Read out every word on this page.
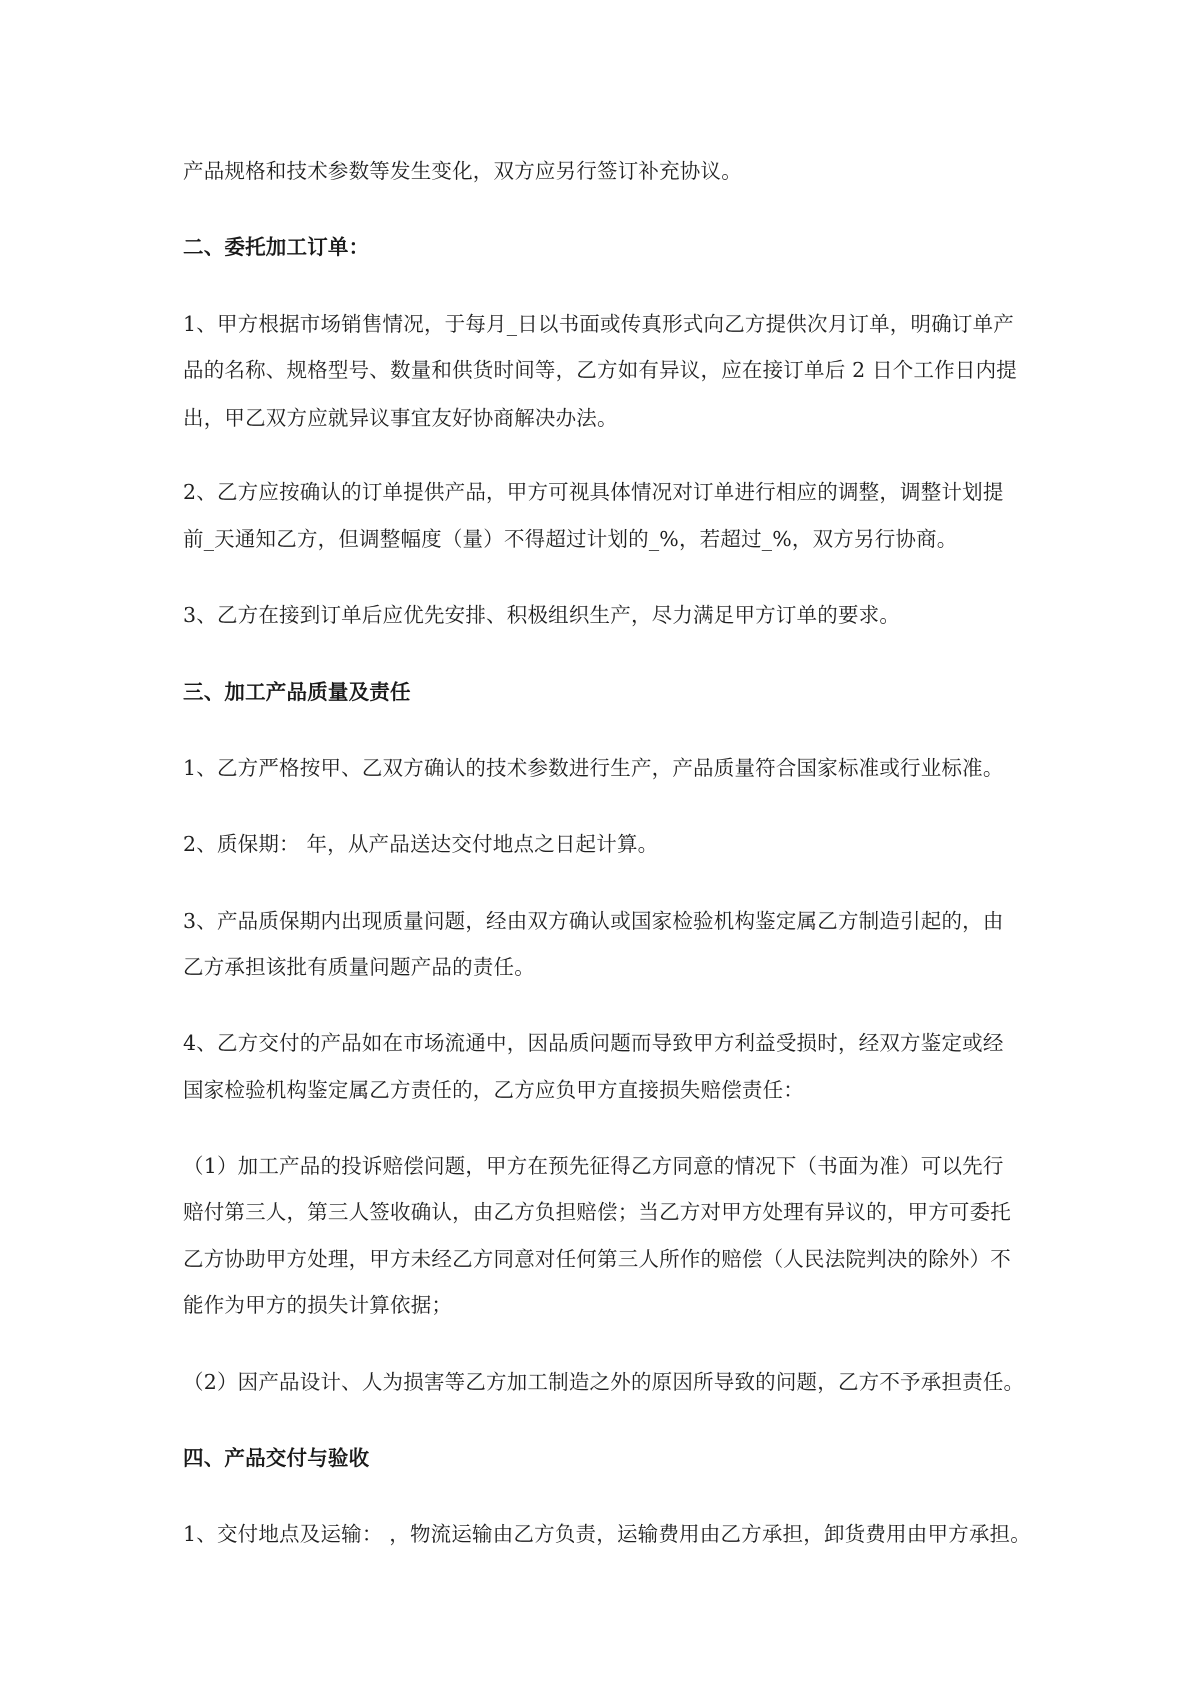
产品规格和技术参数等发生变化，双方应另行签订补充协议。
二、委托加工订单：
1、甲方根据市场销售情况，于每月_日以书面或传真形式向乙方提供次月订单，明确订单产
品的名称、规格型号、数量和供货时间等，乙方如有异议，应在接订单后 2 日个工作日内提
出，甲乙双方应就异议事宜友好协商解决办法。
2、乙方应按确认的订单提供产品，甲方可视具体情况对订单进行相应的调整，调整计划提
前_天通知乙方，但调整幅度（量）不得超过计划的_%，若超过_%，双方另行协商。
3、乙方在接到订单后应优先安排、积极组织生产，尽力满足甲方订单的要求。
三、加工产品质量及责任
1、乙方严格按甲、乙双方确认的技术参数进行生产，产品质量符合国家标准或行业标准。
2、质保期： 年，从产品送达交付地点之日起计算。
3、产品质保期内出现质量问题，经由双方确认或国家检验机构鉴定属乙方制造引起的，由
乙方承担该批有质量问题产品的责任。
4、乙方交付的产品如在市场流通中，因品质问题而导致甲方利益受损时，经双方鉴定或经
国家检验机构鉴定属乙方责任的，乙方应负甲方直接损失赔偿责任：
（1）加工产品的投诉赔偿问题，甲方在预先征得乙方同意的情况下（书面为准）可以先行
赔付第三人，第三人签收确认，由乙方负担赔偿；当乙方对甲方处理有异议的，甲方可委托
乙方协助甲方处理，甲方未经乙方同意对任何第三人所作的赔偿（人民法院判决的除外）不
能作为甲方的损失计算依据；
（2）因产品设计、人为损害等乙方加工制造之外的原因所导致的问题，乙方不予承担责任。
四、产品交付与验收
1、交付地点及运输： ，物流运输由乙方负责，运输费用由乙方承担，卸货费用由甲方承担。
